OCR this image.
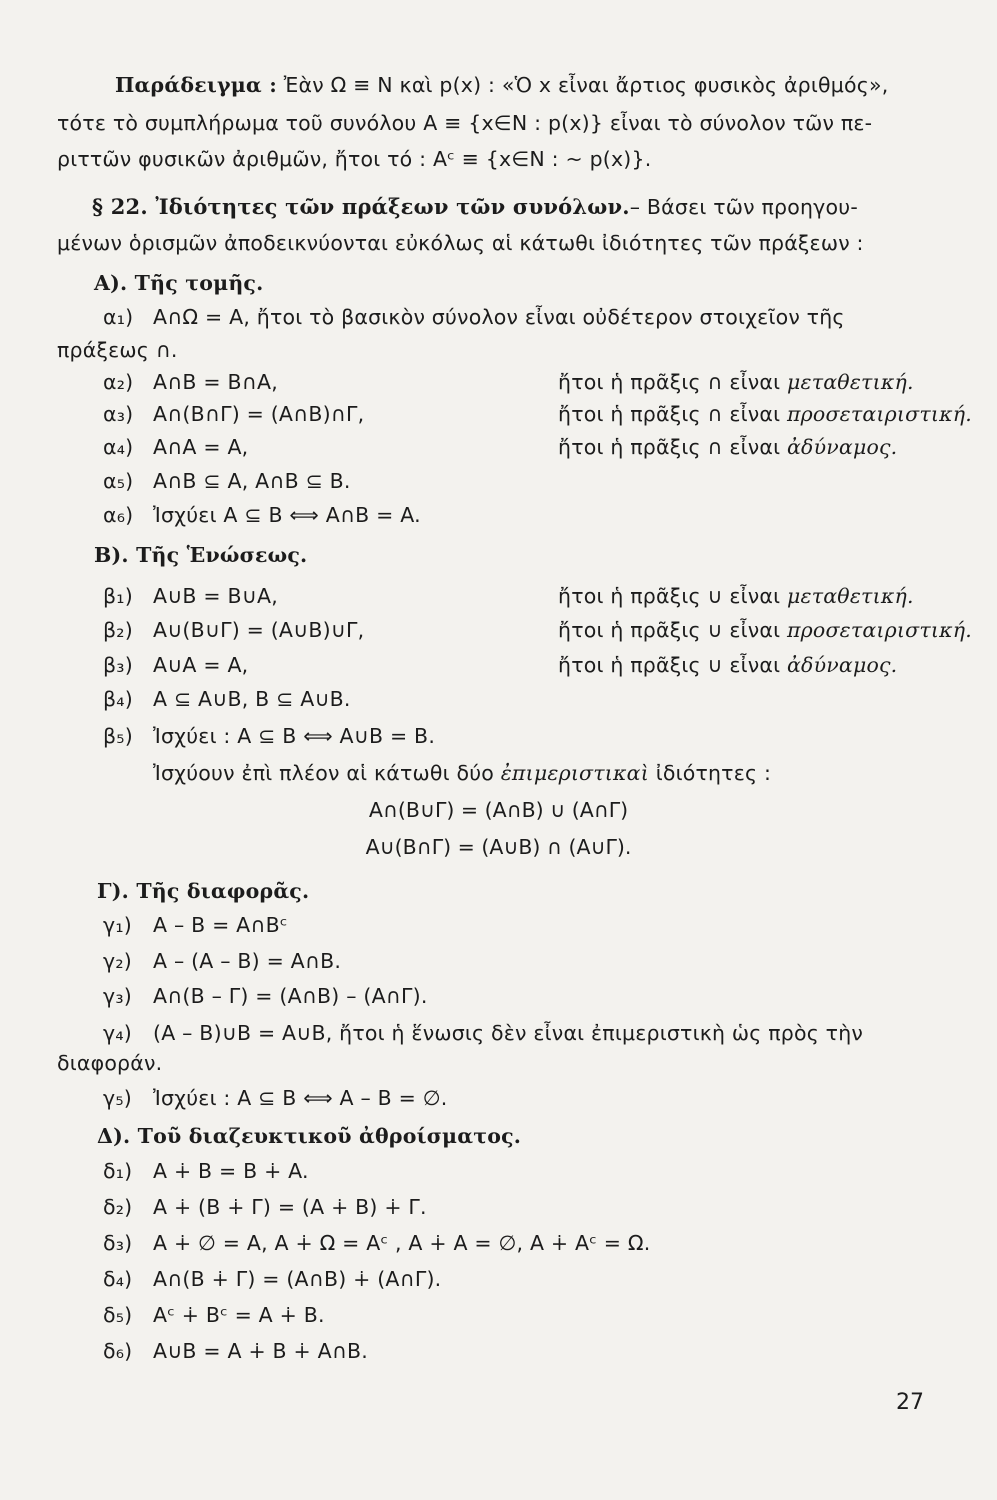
Παράδειγμα : Ἐὰν Ω ≡ N καὶ p(x) : «Ὁ x εἶναι ἄρτιος φυσικὸς ἀριθμός»,
τότε τὸ συμπλήρωμα τοῦ συνόλου A ≡ {x∈N : p(x)} εἶναι τὸ σύνολον τῶν πε-
ριττῶν φυσικῶν ἀριθμῶν, ἤτοι τό : Aᶜ ≡ {x∈N : ~ p(x)}.
§ 22. Ἰδιότητες τῶν πράξεων τῶν συνόλων.– Βάσει τῶν προηγου-
μένων ὁρισμῶν ἀποδεικνύονται εὐκόλως αἱ κάτωθι ἰδιότητες τῶν πράξεων :
A). Τῆς τομῆς.
α₁) A∩Ω = A, ἤτοι τὸ βασικὸν σύνολον εἶναι οὐδέτερον στοιχεῖον τῆς
πράξεως ∩.
α₂) A∩B = B∩A,	ἤτοι ἡ πρᾶξις ∩ εἶναι μεταθετική.
α₃) A∩(B∩Γ) = (A∩B)∩Γ,	ἤτοι ἡ πρᾶξις ∩ εἶναι προσεταιριστική.
α₄) A∩A = A,	ἤτοι ἡ πρᾶξις ∩ εἶναι ἀδύναμος.
α₅) A∩B ⊆ A, A∩B ⊆ B.
α₆) Ἰσχύει A ⊆ B ⟺ A∩B = A.
B). Τῆς Ἑνώσεως.
β₁) A∪B = B∪A,	ἤτοι ἡ πρᾶξις ∪ εἶναι μεταθετική.
β₂) A∪(B∪Γ) = (A∪B)∪Γ,	ἤτοι ἡ πρᾶξις ∪ εἶναι προσεταιριστική.
β₃) A∪A = A,	ἤτοι ἡ πρᾶξις ∪ εἶναι ἀδύναμος.
β₄) A ⊆ A∪B, B ⊆ A∪B.
β₅) Ἰσχύει : A ⊆ B ⟺ A∪B = B.
Ἰσχύουν ἐπὶ πλέον αἱ κάτωθι δύο ἐπιμεριστικαὶ ἰδιότητες :
A∩(B∪Γ) = (A∩B) ∪ (A∩Γ)
A∪(B∩Γ) = (A∪B) ∩ (A∪Γ).
Γ). Τῆς διαφορᾶς.
γ₁) A – B = A∩Bᶜ
γ₂) A – (A – B) = A∩B.
γ₃) A∩(B – Γ) = (A∩B) – (A∩Γ).
γ₄) (A – B)∪B = A∪B, ἤτοι ἡ ἕνωσις δὲν εἶναι ἐπιμεριστικὴ ὡς πρὸς τὴν
διαφοράν.
γ₅) Ἰσχύει : A ⊆ B ⟺ A – B = ∅.
Δ). Τοῦ διαζευκτικοῦ ἀθροίσματος.
δ₁) A ∔ B = B ∔ A.
δ₂) A ∔ (B ∔ Γ) = (A ∔ B) ∔ Γ.
δ₃) A ∔ ∅ = A, A ∔ Ω = Aᶜ , A ∔ A = ∅, A ∔ Aᶜ = Ω.
δ₄) A∩(B ∔ Γ) = (A∩B) ∔ (A∩Γ).
δ₅) Aᶜ ∔ Bᶜ = A ∔ B.
δ₆) A∪B = A ∔ B ∔ A∩B.
27
